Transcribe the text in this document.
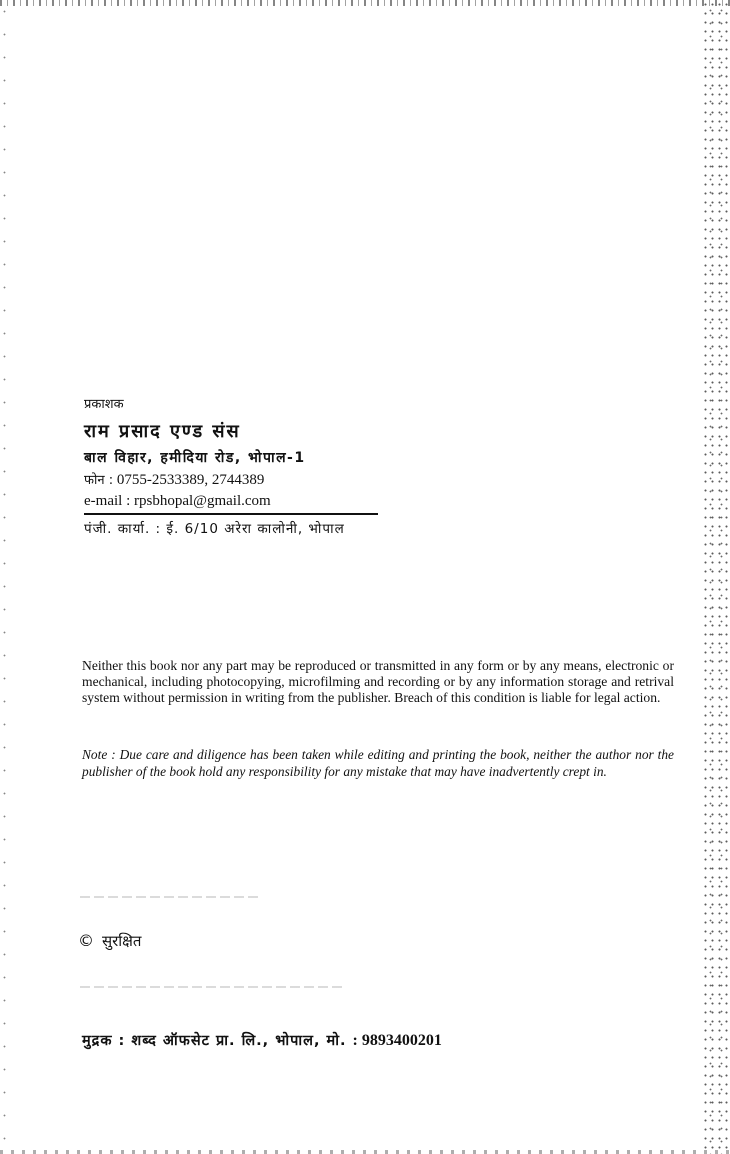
प्रकाशक
राम प्रसाद एण्ड संस
बाल विहार, हमीदिया रोड, भोपाल-1
फोन : 0755-2533389, 2744389
e-mail : rpsbhopal@gmail.com
पंजी. कार्या. : ई. 6/10 अरेरा कालोनी, भोपाल
Neither this book nor any part may be reproduced or transmitted in any form or by any means, electronic or mechanical, including photocopying, microfilming and recording or by any information storage and retrival system without permission in writing from the publisher. Breach of this condition is liable for legal action.
Note : Due care and diligence has been taken while editing and printing the book, neither the author nor the publisher of the book hold any responsibility for any mistake that may have inadvertently crept in.
© सुरक्षित
मुद्रक : शब्द ऑफसेट प्रा. लि., भोपाल, मो. : 9893400201
